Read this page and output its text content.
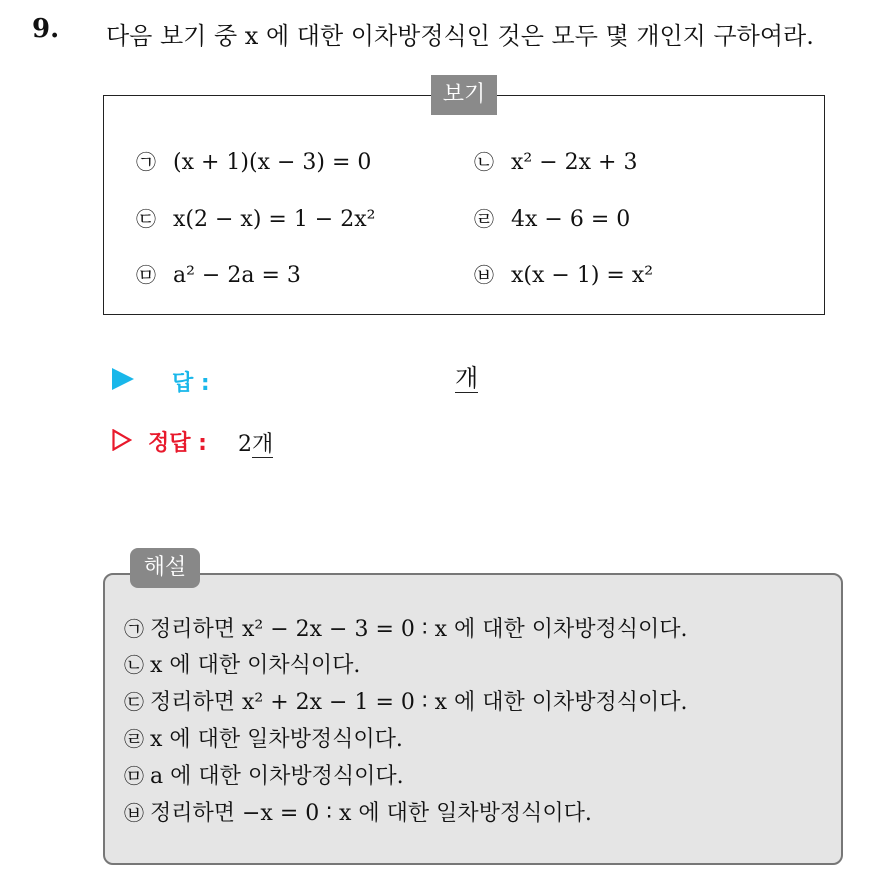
9. 다음 보기 중 x 에 대한 이차방정식인 것은 모두 몇 개인지 구하여라.
보기
㉠ (x + 1)(x − 3) = 0	㉡ x² − 2x + 3
㉢ x(2 − x) = 1 − 2x²	㉣ 4x − 6 = 0
㉤ a² − 2a = 3	㉥ x(x − 1) = x²
답 :	개
정답 : 2개
해설
㉠ 정리하면 x² − 2x − 3 = 0 ∶ x 에 대한 이차방정식이다.
㉡ x 에 대한 이차식이다.
㉢ 정리하면 x² + 2x − 1 = 0 ∶ x 에 대한 이차방정식이다.
㉣ x 에 대한 일차방정식이다.
㉤ a 에 대한 이차방정식이다.
㉥ 정리하면 −x = 0 ∶ x 에 대한 일차방정식이다.
